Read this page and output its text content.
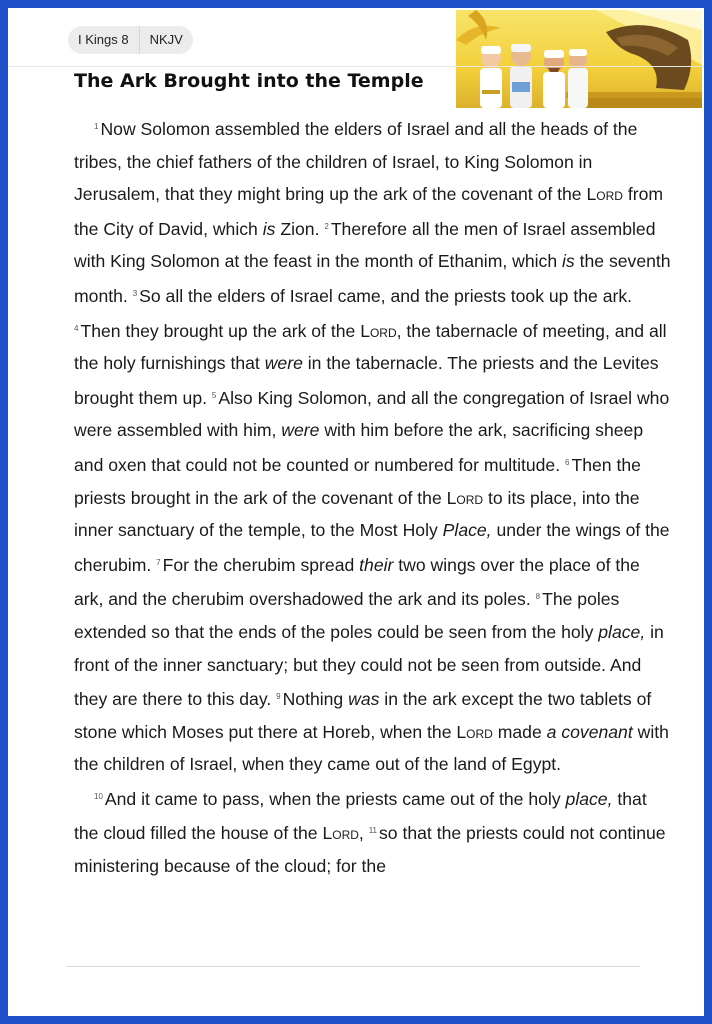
I Kings 8	NKJV
The Ark Brought into the Temple

$^1$ Now Solomon assembled the elders of Israel and all the heads of the tribes, the chief fathers of the children of Israel, to King Solomon in Jerusalem, that they might bring up the ark of the covenant of the Lord from the City of David, which is Zion. $^2$ Therefore all the men of Israel assembled with King Solomon at the feast in the month of Ethanim, which is the seventh month. $^3$ So all the elders of Israel came, and the priests took up the ark. $^4$ Then they brought up the ark of the Lord, the tabernacle of meeting, and all the holy furnishings that were in the tabernacle. The priests and the Levites brought them up. $^5$ Also King Solomon, and all the congregation of Israel who were assembled with him, were with him before the ark, sacrificing sheep and oxen that could not be counted or numbered for multitude. $^6$ Then the priests brought in the ark of the covenant of the Lord to its place, into the inner sanctuary of the temple, to the Most Holy Place, under the wings of the cherubim. $^7$ For the cherubim spread their two wings over the place of the ark, and the cherubim overshadowed the ark and its poles. $^8$ The poles extended so that the ends of the poles could be seen from the holy place, in front of the inner sanctuary; but they could not be seen from outside. And they are there to this day. $^9$ Nothing was in the ark except the two tablets of stone which Moses put there at Horeb, when the Lord made a covenant with the children of Israel, when they came out of the land of Egypt.

$^{10}$ And it came to pass, when the priests came out of the holy place, that the cloud filled the house of the Lord, $^{11}$ so that the priests could not continue ministering because of the cloud; for the
